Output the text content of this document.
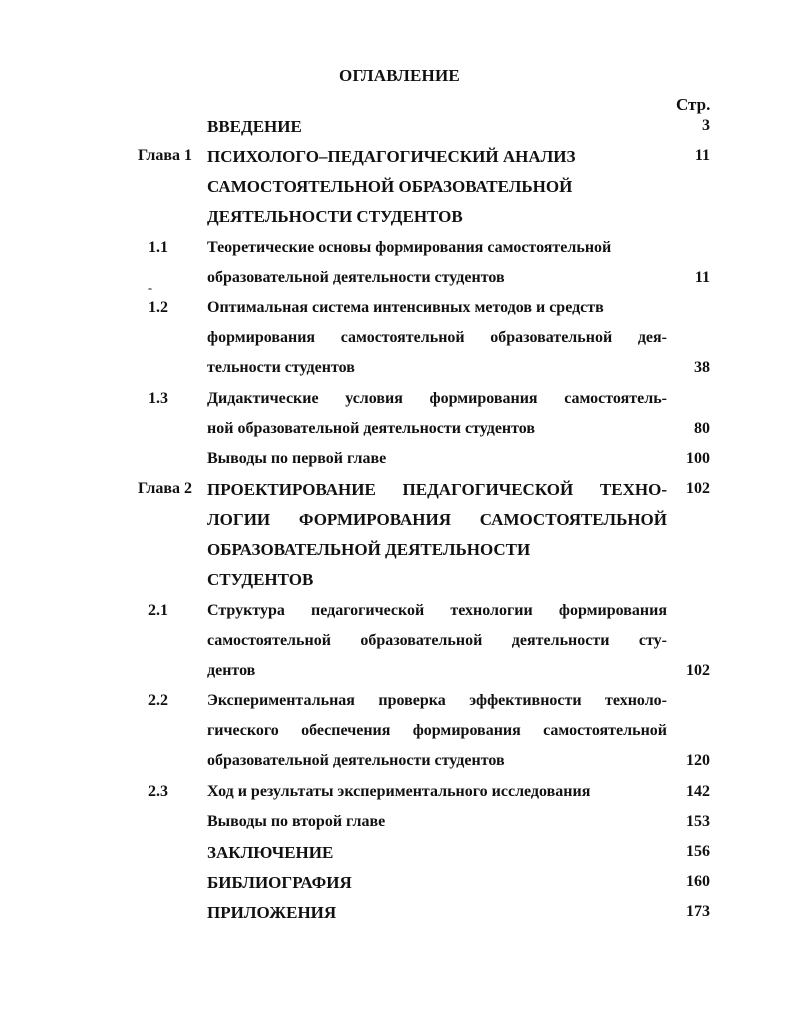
ОГЛАВЛЕНИЕ
Стр.
ВВЕДЕНИЕ	3
Глава 1 ПСИХОЛОГО–ПЕДАГОГИЧЕСКИЙ АНАЛИЗ
САМОСТОЯТЕЛЬНОЙ ОБРАЗОВАТЕЛЬНОЙ
ДЕЯТЕЛЬНОСТИ СТУДЕНТОВ
11
1.1 Теоретические основы формирования самостоятельной
образовательной деятельности студентов	11
-
1.2 Оптимальная система интенсивных методов и средств
формирования самостоятельной образовательной дея-
тельности студентов	38
1.3 Дидактические условия формирования самостоятель-
ной образовательной деятельности студентов	80
Выводы по первой главе	100
Глава 2 ПРОЕКТИРОВАНИЕ ПЕДАГОГИЧЕСКОЙ ТЕХНО-
ЛОГИИ ФОРМИРОВАНИЯ САМОСТОЯТЕЛЬНОЙ
ОБРАЗОВАТЕЛЬНОЙ ДЕЯТЕЛЬНОСТИ
СТУДЕНТОВ
102
2.1 Структура педагогической технологии формирования
самостоятельной образовательной деятельности сту-
дентов	102
2.2 Экспериментальная проверка эффективности техноло-
гического обеспечения формирования самостоятельной
образовательной деятельности студентов	120
2.3 Ход и результаты экспериментального исследования	142
Выводы по второй главе	153
ЗАКЛЮЧЕНИЕ	156
БИБЛИОГРАФИЯ	160
ПРИЛОЖЕНИЯ	173
